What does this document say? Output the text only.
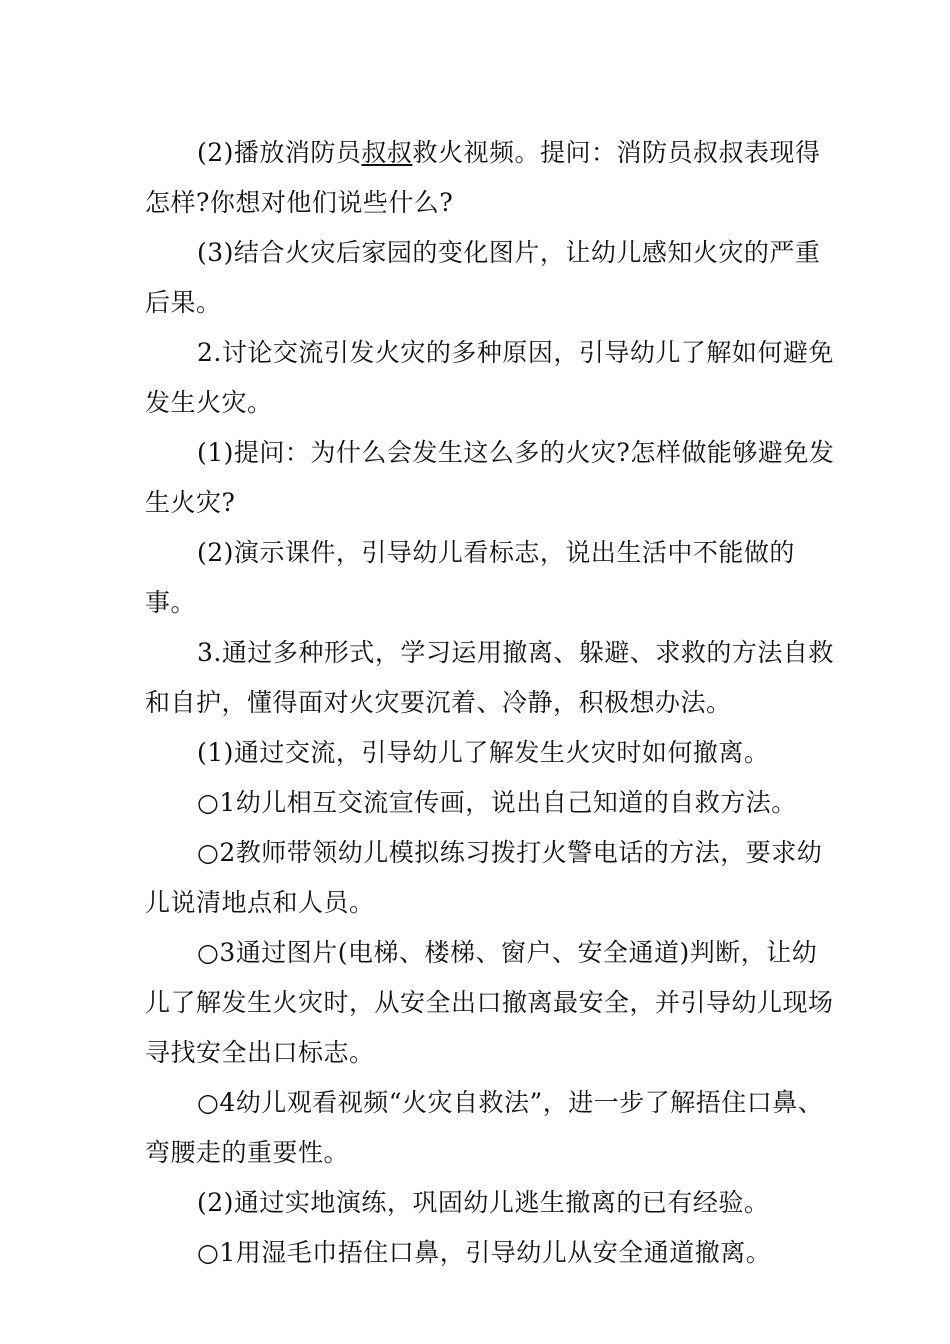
(2)播放消防员叔叔救火视频。提问：消防员叔叔表现得怎样?你想对他们说些什么?

(3)结合火灾后家园的变化图片，让幼儿感知火灾的严重后果。

2.讨论交流引发火灾的多种原因，引导幼儿了解如何避免发生火灾。

(1)提问：为什么会发生这么多的火灾?怎样做能够避免发生火灾?

(2)演示课件，引导幼儿看标志，说出生活中不能做的事。

3.通过多种形式，学习运用撤离、躲避、求救的方法自救和自护，懂得面对火灾要沉着、冷静，积极想办法。

(1)通过交流，引导幼儿了解发生火灾时如何撤离。

○1幼儿相互交流宣传画，说出自己知道的自救方法。

○2教师带领幼儿模拟练习拨打火警电话的方法，要求幼儿说清地点和人员。

○3通过图片(电梯、楼梯、窗户、安全通道)判断，让幼儿了解发生火灾时，从安全出口撤离最安全，并引导幼儿现场寻找安全出口标志。

○4幼儿观看视频“火灾自救法”，进一步了解捂住口鼻、弯腰走的重要性。

(2)通过实地演练，巩固幼儿逃生撤离的已有经验。

○1用湿毛巾捂住口鼻，引导幼儿从安全通道撤离。
